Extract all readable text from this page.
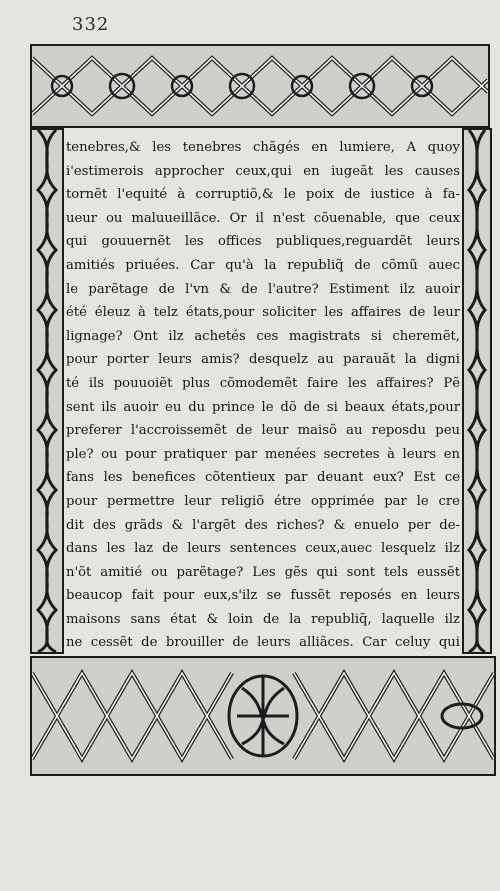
332
tenebres,& les tenebres chãgés en lumiere, A quoy
i'estimerois approcher ceux,qui en iugeãt les causes
tornẽt l'equité à corruptiõ,& le poix de iustice à fa-
ueur ou maluueillãce. Or il n'est cõuenable, que ceux
qui gouuernẽt les offices publiques,reguardẽt leurs
amitiés priuées. Car qu'à la republiq̃ de cõmũ auec
le parẽtage de l'vn & de l'autre? Estiment ilz auoir
été éleuz à telz états,pour soliciter les affaires de leur
lignage? Ont ilz achetés ces magistrats si cheremẽt,
pour porter leurs amis? desquelz au parauãt la digni
té ils pouuoiẽt plus cõmodemẽt faire les affaires? Pẽ
sent ils auoir eu du prince le dõ de si beaux états,pour
preferer l'accroissemẽt de leur maisõ au reposdu peu
ple? ou pour pratiquer par menées secretes à leurs en
fans les benefices cõtentieux par deuant eux? Est ce
pour permettre leur religiõ étre opprimée par le cre
dit des grãds & l'argẽt des riches? & enuelo per de-
dans les laz de leurs sentences ceux,auec lesquelz ilz
n'õt amitié ou parẽtage? Les gẽs qui sont tels eussẽt
beaucop fait pour eux,s'ilz se fussẽt reposés en leurs
maisons sans état & loin de la republiq̃, laquelle ilz
ne cessẽt de brouiller de leurs alliãces. Car celuy qui
